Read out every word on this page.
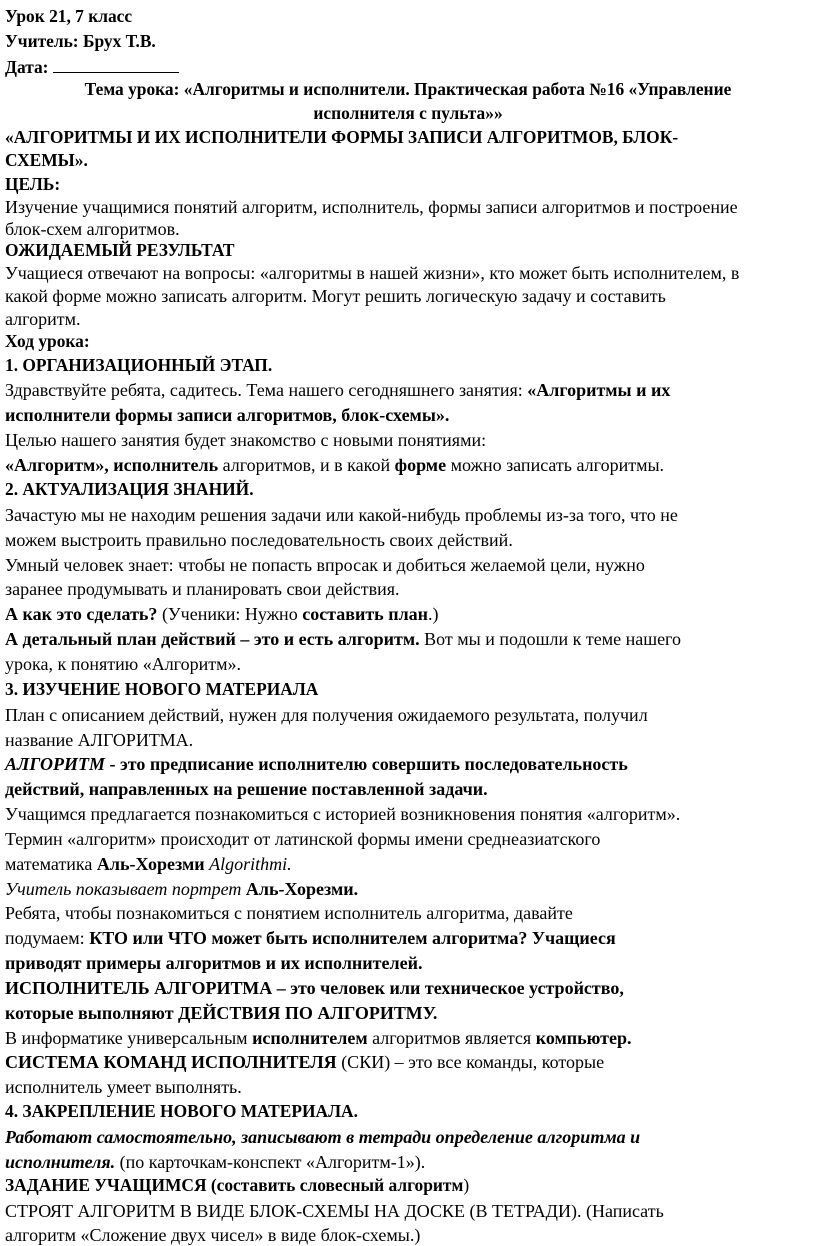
Урок 21, 7 класс
Учитель: Брух Т.В.
Дата:
Тема урока: «Алгоритмы и исполнители. Практическая работа №16 «Управление
исполнителя с пульта»»
«АЛГОРИТМЫ И ИХ ИСПОЛНИТЕЛИ ФОРМЫ ЗАПИСИ АЛГОРИТМОВ, БЛОК-
СХЕМЫ».
ЦЕЛЬ:
Изучение учащимися понятий алгоритм, исполнитель, формы записи алгоритмов и построение
блок-схем алгоритмов.
ОЖИДАЕМЫЙ РЕЗУЛЬТАТ
Учащиеся отвечают на вопросы: «алгоритмы в нашей жизни», кто может быть исполнителем, в
какой форме можно записать алгоритм. Могут решить логическую задачу и составить
алгоритм.
Ход урока:
1. ОРГАНИЗАЦИОННЫЙ ЭТАП.
Здравствуйте ребята, садитесь. Тема нашего сегодняшнего занятия: «Алгоритмы и их
исполнители формы записи алгоритмов, блок-схемы».
Целью нашего занятия будет знакомство с новыми понятиями:
«Алгоритм», исполнитель алгоритмов, и в какой форме можно записать алгоритмы.
2. АКТУАЛИЗАЦИЯ ЗНАНИЙ.
Зачастую мы не находим решения задачи или какой-нибудь проблемы из-за того, что не
можем выстроить правильно последовательность своих действий.
Умный человек знает: чтобы не попасть впросак и добиться желаемой цели, нужно
заранее продумывать и планировать свои действия.
А как это сделать? (Ученики: Нужно составить план.)
А детальный план действий – это и есть алгоритм. Вот мы и подошли к теме нашего
урока, к понятию «Алгоритм».
3. ИЗУЧЕНИЕ НОВОГО МАТЕРИАЛА
План с описанием действий, нужен для получения ожидаемого результата, получил
название АЛГОРИТМА.
АЛГОРИТМ - это предписание исполнителю совершить последовательность
действий, направленных на решение поставленной задачи.
Учащимся предлагается познакомиться с историей возникновения понятия «алгоритм».
Термин «алгоритм» происходит от латинской формы имени среднеазиатского
математика Аль-Хорезми Algorithmi.
Учитель показывает портрет Аль-Хорезми.
Ребята, чтобы познакомиться с понятием исполнитель алгоритма, давайте
подумаем: КТО или ЧТО может быть исполнителем алгоритма? Учащиеся
приводят примеры алгоритмов и их исполнителей.
ИСПОЛНИТЕЛЬ АЛГОРИТМА – это человек или техническое устройство,
которые выполняют ДЕЙСТВИЯ ПО АЛГОРИТМУ.
В информатике универсальным исполнителем алгоритмов является компьютер.
СИСТЕМА КОМАНД ИСПОЛНИТЕЛЯ (СКИ) – это все команды, которые
исполнитель умеет выполнять.
4. ЗАКРЕПЛЕНИЕ НОВОГО МАТЕРИАЛА.
Работают самостоятельно, записывают в тетради определение алгоритма и
исполнителя. (по карточкам-конспект «Алгоритм-1»).
ЗАДАНИЕ УЧАЩИМСЯ (составить словесный алгоритм)
СТРОЯТ АЛГОРИТМ В ВИДЕ БЛОК-СХЕМЫ НА ДОСКЕ (В ТЕТРАДИ). (Написать
алгоритм «Сложение двух чисел» в виде блок-схемы.)
